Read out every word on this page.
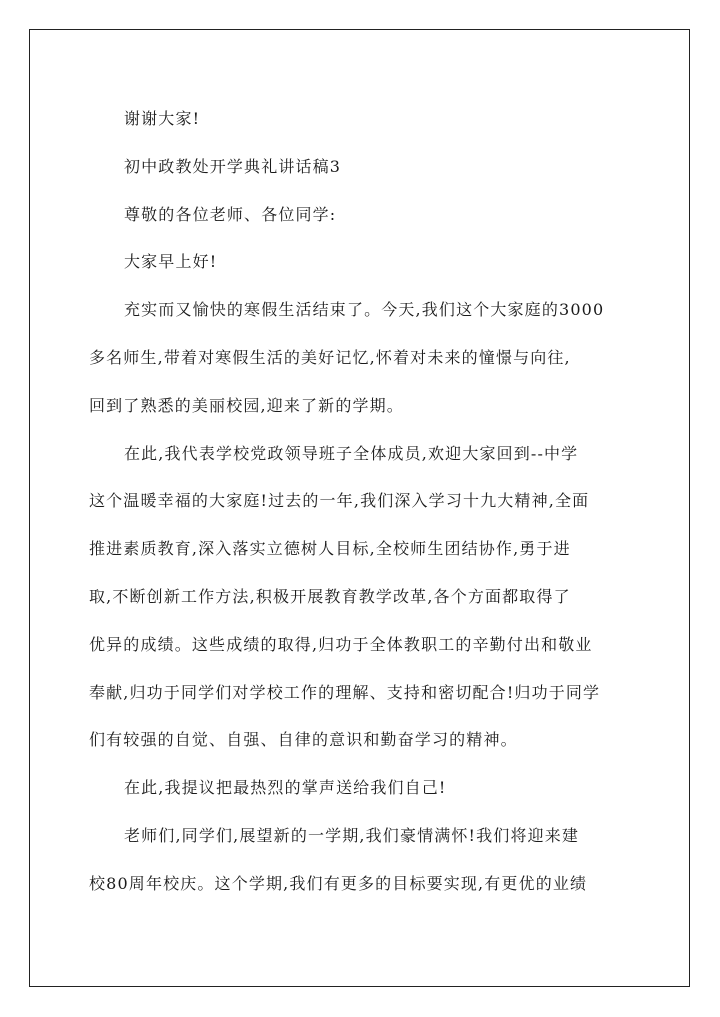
谢谢大家!
初中政教处开学典礼讲话稿3
尊敬的各位老师、各位同学:
大家早上好!
充实而又愉快的寒假生活结束了。今天,我们这个大家庭的3000
多名师生,带着对寒假生活的美好记忆,怀着对未来的憧憬与向往,
回到了熟悉的美丽校园,迎来了新的学期。
在此,我代表学校党政领导班子全体成员,欢迎大家回到--中学
这个温暖幸福的大家庭!过去的一年,我们深入学习十九大精神,全面
推进素质教育,深入落实立德树人目标,全校师生团结协作,勇于进
取,不断创新工作方法,积极开展教育教学改革,各个方面都取得了
优异的成绩。这些成绩的取得,归功于全体教职工的辛勤付出和敬业
奉献,归功于同学们对学校工作的理解、支持和密切配合!归功于同学
们有较强的自觉、自强、自律的意识和勤奋学习的精神。
在此,我提议把最热烈的掌声送给我们自己!
老师们,同学们,展望新的一学期,我们豪情满怀!我们将迎来建
校80周年校庆。这个学期,我们有更多的目标要实现,有更优的业绩
